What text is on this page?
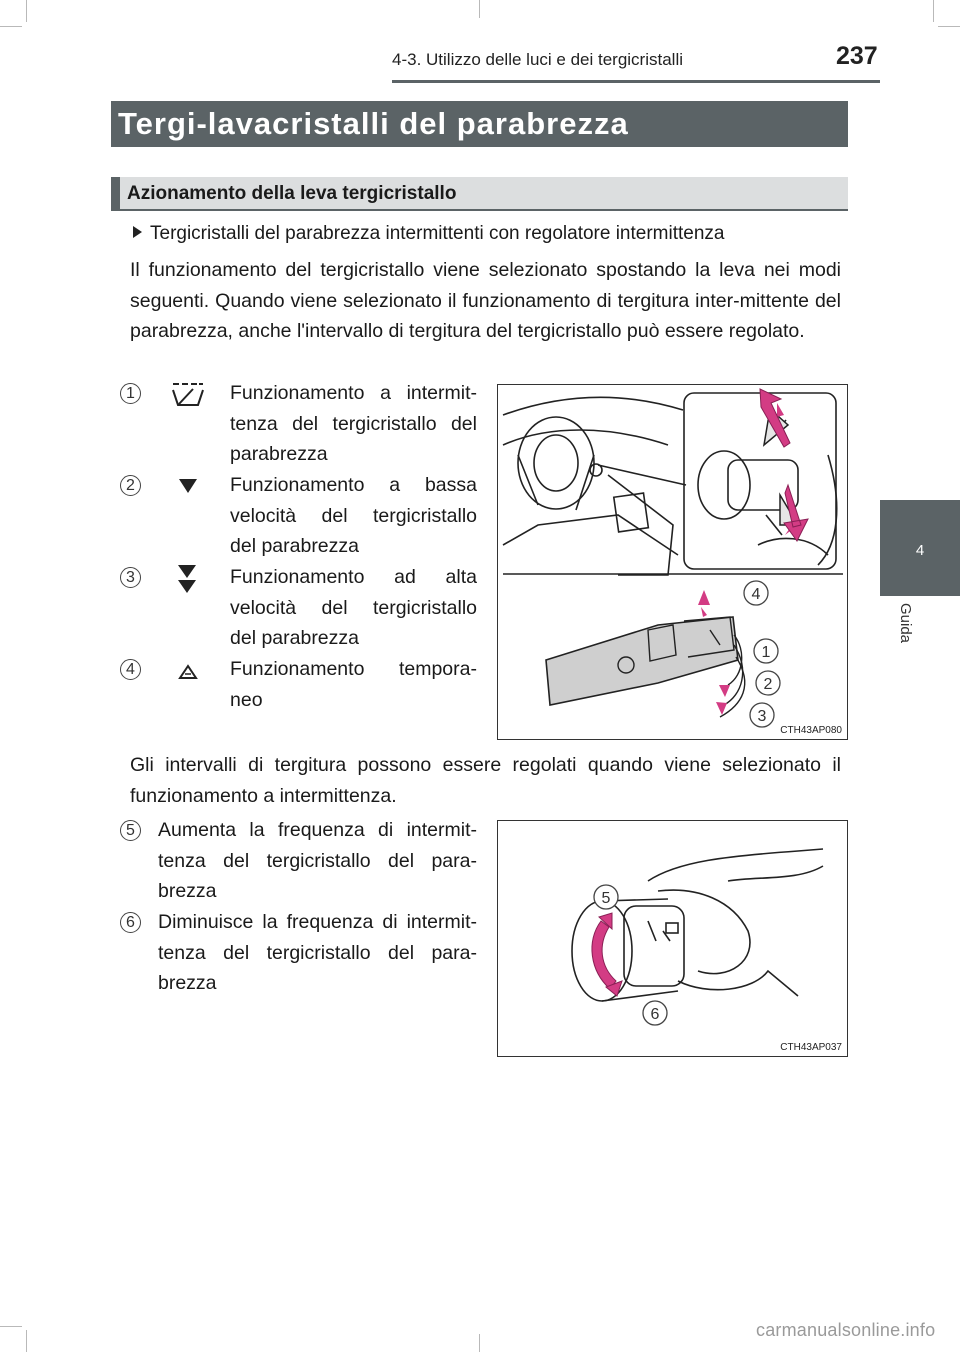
4-3. Utilizzo delle luci e dei tergicristalli	237
Tergi-lavacristalli del parabrezza
Azionamento della leva tergicristallo
Tergicristalli del parabrezza intermittenti con regolatore intermittenza
Il funzionamento del tergicristallo viene selezionato spostando la leva nei modi seguenti. Quando viene selezionato il funzionamento di tergitura inter-mittente del parabrezza, anche l'intervallo di tergitura del tergicristallo può essere regolato.
1	Funzionamento a intermit-
tenza del tergicristallo del
parabrezza
2	Funzionamento a bassa
velocità del tergicristallo
del parabrezza
3	Funzionamento ad alta
velocità del tergicristallo
del parabrezza
4	Funzionamento tempora-
neo
4
1
2
3
CTH43AP080
Gli intervalli di tergitura possono essere regolati quando viene selezionato il funzionamento a intermittenza.
5	Aumenta la frequenza di intermit-
tenza del tergicristallo del para-
brezza
6	Diminuisce la frequenza di intermit-
tenza del tergicristallo del para-
brezza
5
6
CTH43AP037
4
Guida
carmanualsonline.info
